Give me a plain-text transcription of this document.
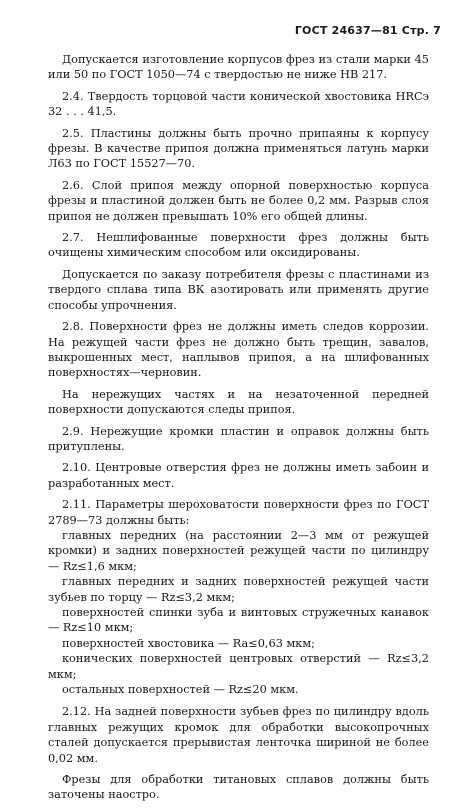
ГОСТ 24637—81 Стр. 7

Допускается изготовление корпусов фрез из стали марки 45 или 50 по ГОСТ 1050—74 с твердостью не ниже НВ 217.

2.4. Твердость торцовой части конической хвостовика HRCэ 32 . . . 41,5.

2.5. Пластины должны быть прочно припаяны к корпусу фрезы. В качестве припоя должна применяться латунь марки Л63 по ГОСТ 15527—70.

2.6. Слой припоя между опорной поверхностью корпуса фрезы и пластиной должен быть не более 0,2 мм. Разрыв слоя припоя не должен превышать 10% его общей длины.

2.7. Нешлифованные поверхности фрез должны быть очищены химическим способом или оксидированы.

Допускается по заказу потребителя фрезы с пластинами из твердого сплава типа ВК азотировать или применять другие способы упрочнения.

2.8. Поверхности фрез не должны иметь следов коррозии. На режущей части фрез не должно быть трещин, завалов, выкрошенных мест, наплывов припоя, а на шлифованных поверхностях—черновин.

На нережущих частях и на незаточенной передней поверхности допускаются следы припоя.

2.9. Нережущие кромки пластин и оправок должны быть притуплены.

2.10. Центровые отверстия фрез не должны иметь забоин и разработанных мест.

2.11. Параметры шероховатости поверхности фрез по ГОСТ 2789—73 должны быть:

главных передних (на расстоянии 2—3 мм от режущей кромки) и задних поверхностей режущей части по цилиндру — Rz≤1,6 мкм;

главных передних и задних поверхностей режущей части зубьев по торцу — Rz≤3,2 мкм;

поверхностей спинки зуба и винтовых стружечных канавок — Rz≤10 мкм;

поверхностей хвостовика — Ra≤0,63 мкм;

конических поверхностей центровых отверстий — Rz≤3,2 мкм;

остальных поверхностей — Rz≤20 мкм.

2.12. На задней поверхности зубьев фрез по цилиндру вдоль главных режущих кромок для обработки высокопрочных сталей допускается прерывистая ленточка шириной не более 0,02 мм.

Фрезы для обработки титановых сплавов должны быть заточены наостро.
